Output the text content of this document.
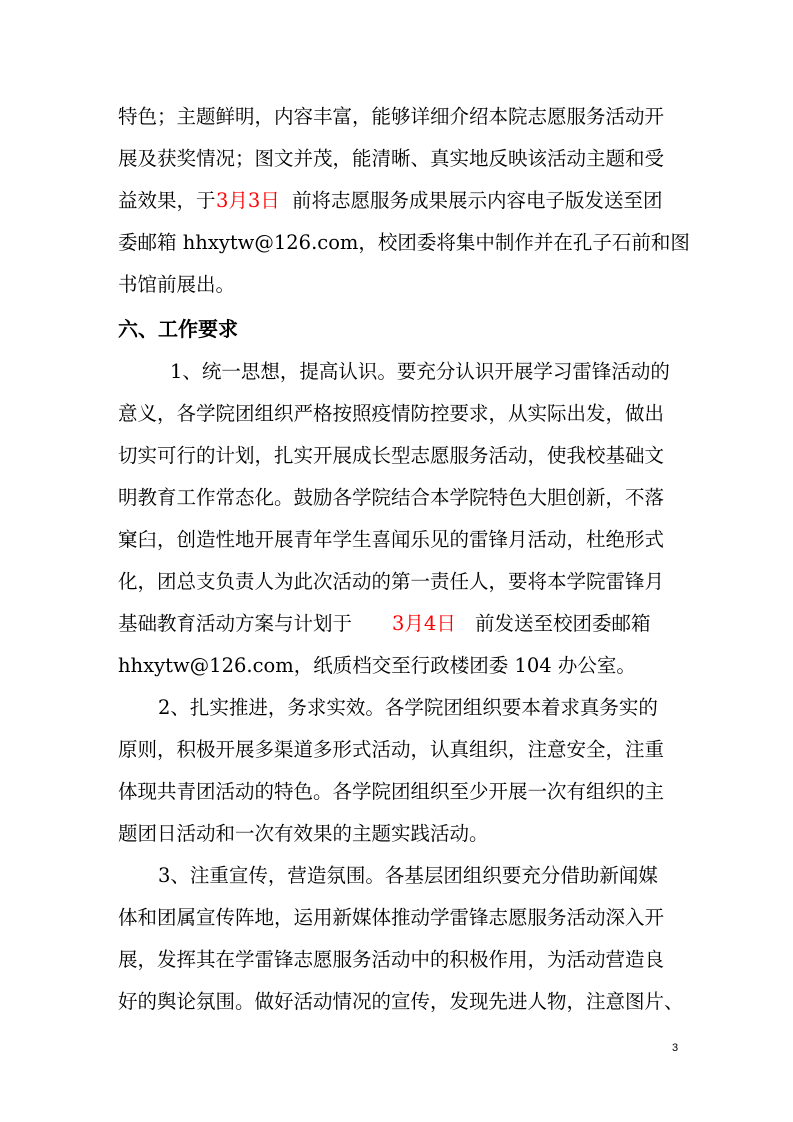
特色；主题鲜明，内容丰富，能够详细介绍本院志愿服务活动开
展及获奖情况；图文并茂，能清晰、真实地反映该活动主题和受
益效果，于 3月3日 前将志愿服务成果展示内容电子版发送至团
委邮箱 hhxytw@126.com，校团委将集中制作并在孔子石前和图
书馆前展出。
六、工作要求
1、统一思想，提高认识。要充分认识开展学习雷锋活动的
意义，各学院团组织严格按照疫情防控要求，从实际出发，做出
切实可行的计划，扎实开展成长型志愿服务活动，使我校基础文
明教育工作常态化。鼓励各学院结合本学院特色大胆创新，不落
窠臼，创造性地开展青年学生喜闻乐见的雷锋月活动，杜绝形式
化，团总支负责人为此次活动的第一责任人，要将本学院雷锋月
基础教育活动方案与计划于 3月4日 前发送至校团委邮箱
hhxytw@126.com，纸质档交至行政楼团委 104 办公室。
2、扎实推进，务求实效。各学院团组织要本着求真务实的
原则，积极开展多渠道多形式活动，认真组织，注意安全，注重
体现共青团活动的特色。各学院团组织至少开展一次有组织的主
题团日活动和一次有效果的主题实践活动。
3、注重宣传，营造氛围。各基层团组织要充分借助新闻媒
体和团属宣传阵地，运用新媒体推动学雷锋志愿服务活动深入开
展，发挥其在学雷锋志愿服务活动中的积极作用，为活动营造良
好的舆论氛围。做好活动情况的宣传，发现先进人物，注意图片、
3
